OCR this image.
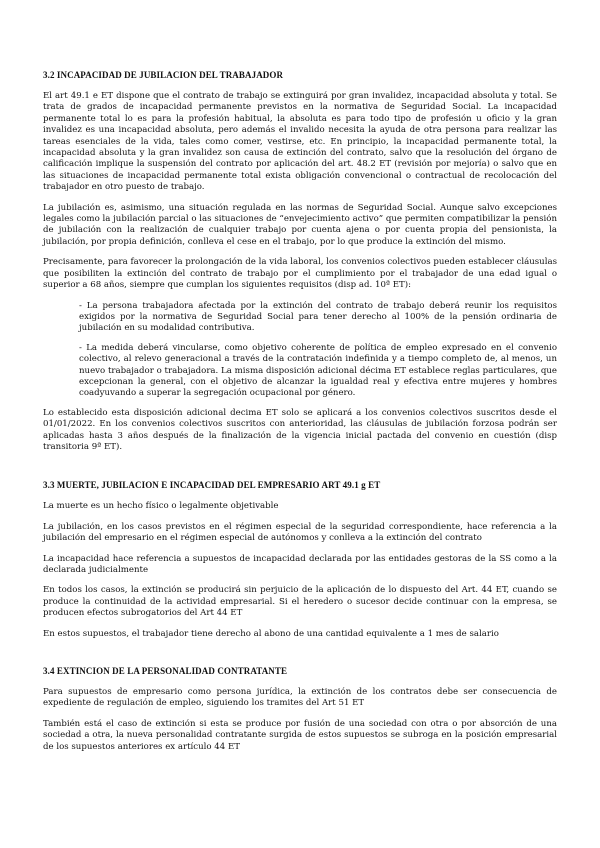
3.2 INCAPACIDAD DE JUBILACION DEL TRABAJADOR

El art 49.1 e ET dispone que el contrato de trabajo se extinguirá por gran invalidez, incapacidad absoluta y total. Se trata de grados de incapacidad permanente previstos en la normativa de Seguridad Social. La incapacidad permanente total lo es para la profesión habitual, la absoluta es para todo tipo de profesión u oficio y la gran invalidez es una incapacidad absoluta, pero además el invalido necesita la ayuda de otra persona para realizar las tareas esenciales de la vida, tales como comer, vestirse, etc. En principio, la incapacidad permanente total, la incapacidad absoluta y la gran invalidez son causa de extinción del contrato, salvo que la resolución del órgano de calificación implique la suspensión del contrato por aplicación del art. 48.2 ET (revisión por mejoría) o salvo que en las situaciones de incapacidad permanente total exista obligación convencional o contractual de recolocación del trabajador en otro puesto de trabajo.

La jubilación es, asimismo, una situación regulada en las normas de Seguridad Social. Aunque salvo excepciones legales como la jubilación parcial o las situaciones de “envejecimiento activo” que permiten compatibilizar la pensión de jubilación con la realización de cualquier trabajo por cuenta ajena o por cuenta propia del pensionista, la jubilación, por propia definición, conlleva el cese en el trabajo, por lo que produce la extinción del mismo.

Precisamente, para favorecer la prolongación de la vida laboral, los convenios colectivos pueden establecer cláusulas que posibiliten la extinción del contrato de trabajo por el cumplimiento por el trabajador de una edad igual o superior a 68 años, siempre que cumplan los siguientes requisitos (disp ad. 10ª ET):

- La persona trabajadora afectada por la extinción del contrato de trabajo deberá reunir los requisitos exigidos por la normativa de Seguridad Social para tener derecho al 100% de la pensión ordinaria de jubilación en su modalidad contributiva.
- La medida deberá vincularse, como objetivo coherente de política de empleo expresado en el convenio colectivo, al relevo generacional a través de la contratación indefinida y a tiempo completo de, al menos, un nuevo trabajador o trabajadora. La misma disposición adicional décima ET establece reglas particulares, que excepcionan la general, con el objetivo de alcanzar la igualdad real y efectiva entre mujeres y hombres coadyuvando a superar la segregación ocupacional por género.

Lo establecido esta disposición adicional decima ET solo se aplicará a los convenios colectivos suscritos desde el 01/01/2022. En los convenios colectivos suscritos con anterioridad, las cláusulas de jubilación forzosa podrán ser aplicadas hasta 3 años después de la finalización de la vigencia inicial pactada del convenio en cuestión (disp transitoria 9ª ET).

3.3 MUERTE, JUBILACION E INCAPACIDAD DEL EMPRESARIO ART 49.1 g ET

La muerte es un hecho físico o legalmente objetivable

La jubilación, en los casos previstos en el régimen especial de la seguridad correspondiente, hace referencia a la jubilación del empresario en el régimen especial de autónomos y conlleva a la extinción del contrato

La incapacidad hace referencia a supuestos de incapacidad declarada por las entidades gestoras de la SS como a la declarada judicialmente

En todos los casos, la extinción se producirá sin perjuicio de la aplicación de lo dispuesto del Art. 44 ET, cuando se produce la continuidad de la actividad empresarial. Si el heredero o sucesor decide continuar con la empresa, se producen efectos subrogatorios del Art 44 ET

En estos supuestos, el trabajador tiene derecho al abono de una cantidad equivalente a 1 mes de salario

3.4 EXTINCION DE LA PERSONALIDAD CONTRATANTE

Para supuestos de empresario como persona jurídica, la extinción de los contratos debe ser consecuencia de expediente de regulación de empleo, siguiendo los tramites del Art 51 ET

También está el caso de extinción si esta se produce por fusión de una sociedad con otra o por absorción de una sociedad a otra, la nueva personalidad contratante surgida de estos supuestos se subroga en la posición empresarial de los supuestos anteriores ex artículo 44 ET
